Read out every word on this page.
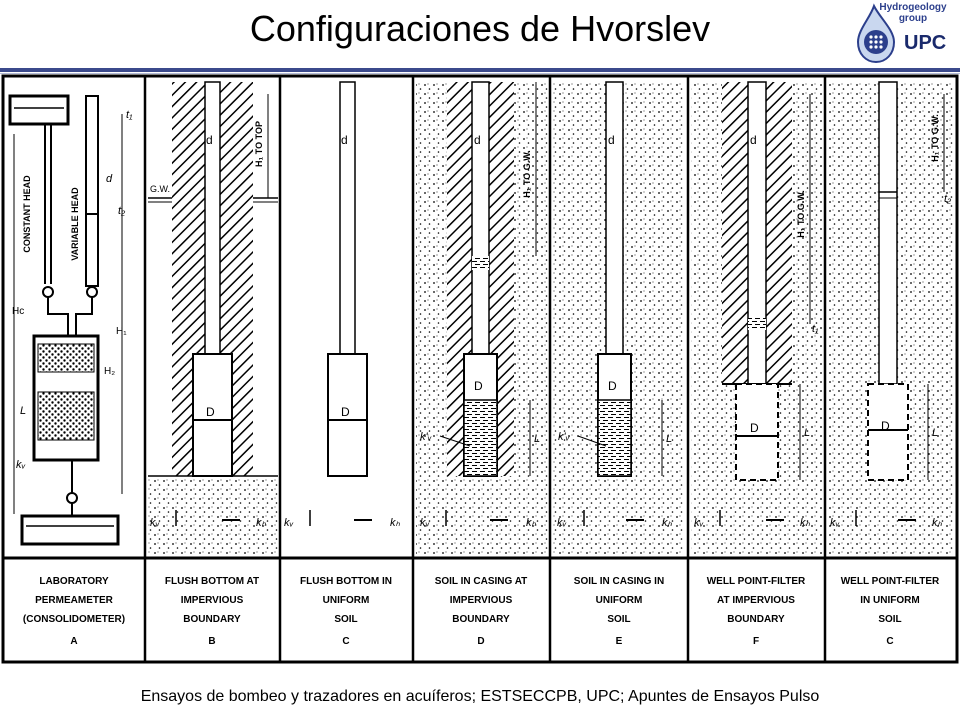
Configuraciones de Hvorslev
Hydrogeology
group
UPC
CONSTANT HEAD	VARIABLE HEAD
Hc
t₁
t₂
d
H₁
H₂
L
kᵥ
G.W.
d
D
H₁ TO TOP
kᵥ	kₕ
d
D
kᵥ	kₕ
d
D
k'ᵥ
H₁ TO G.W.
L
kᵥ	kₕ
d
D
k'ᵥ	L
kᵥ	kₕ
d
D
H₁ TO G.W.
t₁
L
kᵥ	kₕ
D
H₁ TO G.W.
t₂
L
kᵥ	kₕ
LABORATORY
PERMEAMETER
(CONSOLIDOMETER)
A
FLUSH BOTTOM AT
IMPERVIOUS
BOUNDARY
B
FLUSH BOTTOM IN
UNIFORM
SOIL
C
SOIL IN CASING AT
IMPERVIOUS
BOUNDARY
D
SOIL IN CASING IN
UNIFORM
SOIL
E
WELL POINT-FILTER
AT IMPERVIOUS
BOUNDARY
F
WELL POINT-FILTER
IN UNIFORM
SOIL
C
Ensayos de bombeo y trazadores en acuíferos; ESTSECCPB, UPC; Apuntes de Ensayos Pulso
